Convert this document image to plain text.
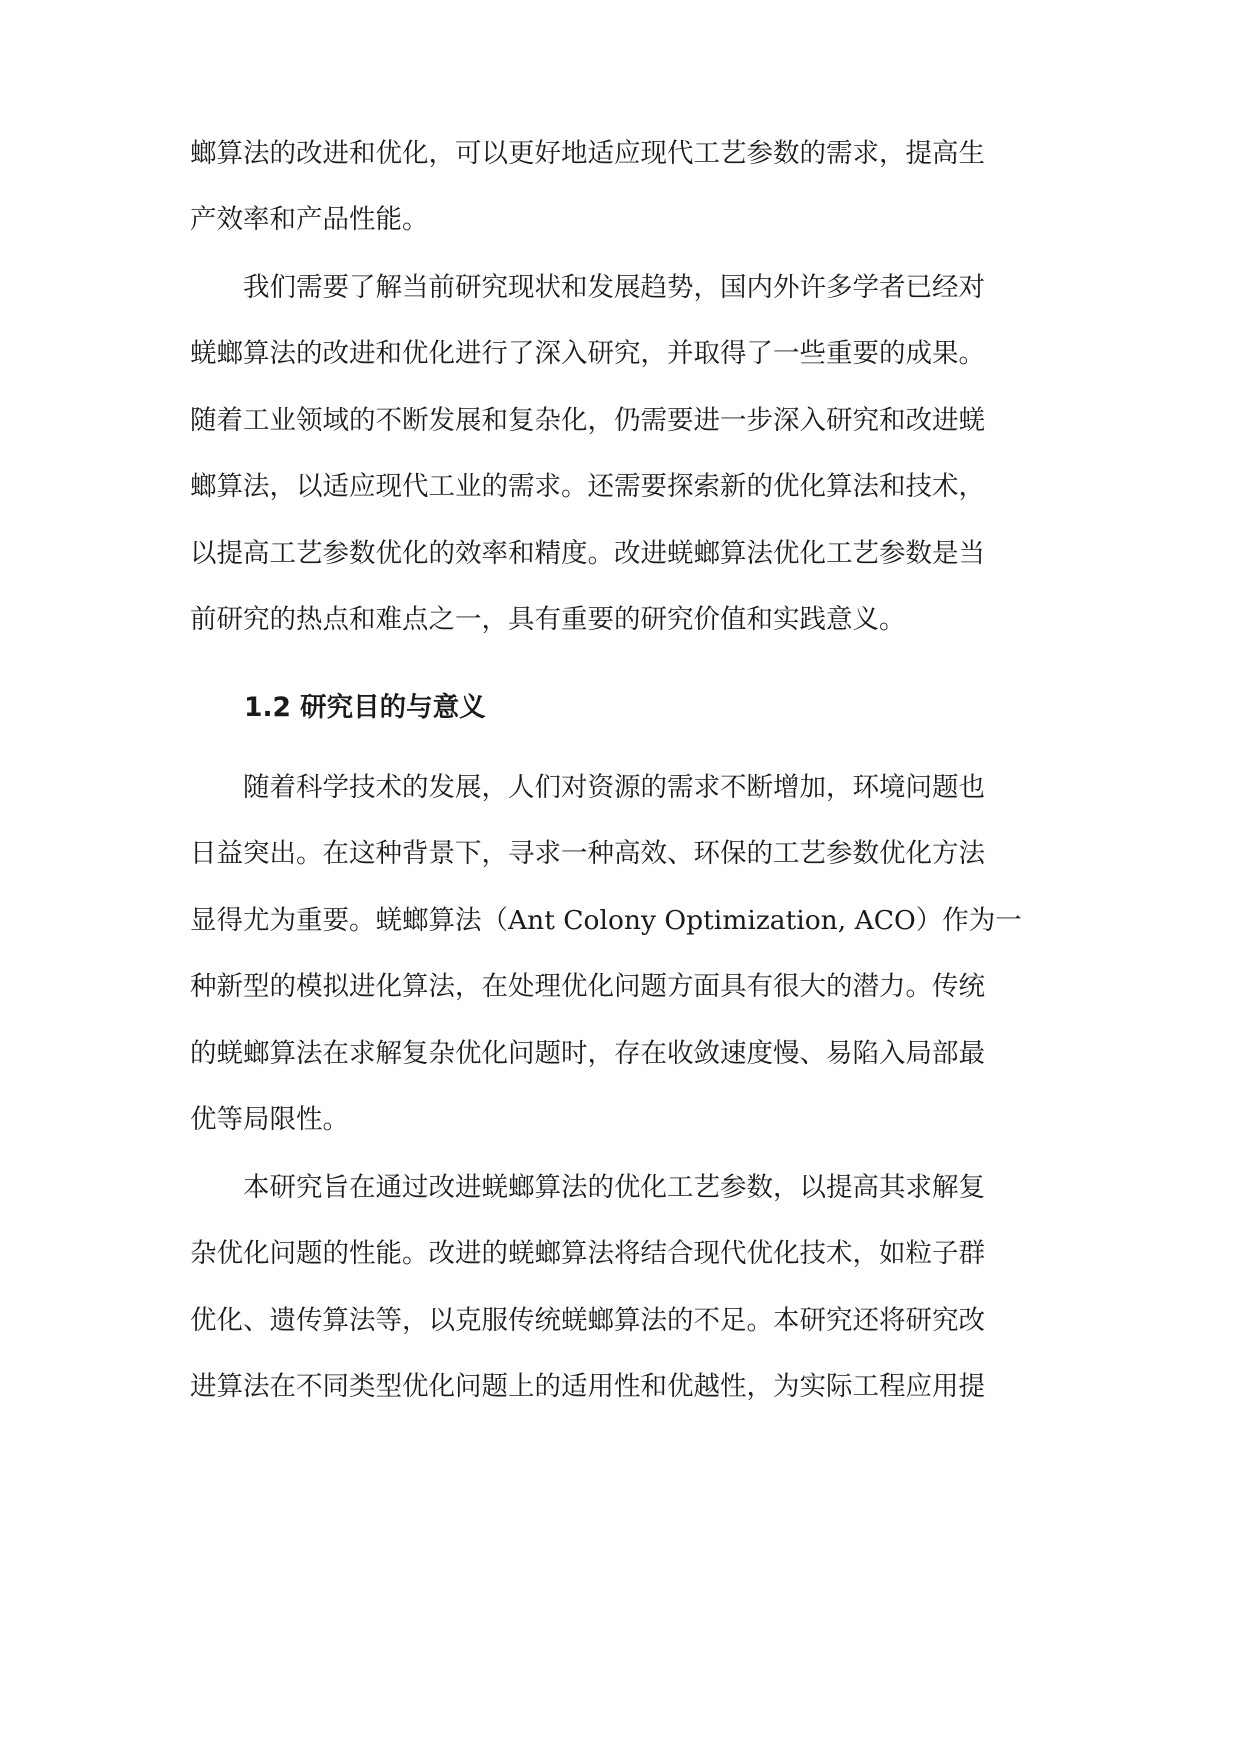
螂算法的改进和优化，可以更好地适应现代工艺参数的需求，提高生
产效率和产品性能。
　　我们需要了解当前研究现状和发展趋势，国内外许多学者已经对
蜣螂算法的改进和优化进行了深入研究，并取得了一些重要的成果。
随着工业领域的不断发展和复杂化，仍需要进一步深入研究和改进蜣
螂算法，以适应现代工业的需求。还需要探索新的优化算法和技术，
以提高工艺参数优化的效率和精度。改进蜣螂算法优化工艺参数是当
前研究的热点和难点之一，具有重要的研究价值和实践意义。
1.2 研究目的与意义
　　随着科学技术的发展，人们对资源的需求不断增加，环境问题也
日益突出。在这种背景下，寻求一种高效、环保的工艺参数优化方法
显得尤为重要。蜣螂算法（Ant Colony Optimization, ACO）作为一
种新型的模拟进化算法，在处理优化问题方面具有很大的潜力。传统
的蜣螂算法在求解复杂优化问题时，存在收敛速度慢、易陷入局部最
优等局限性。
　　本研究旨在通过改进蜣螂算法的优化工艺参数，以提高其求解复
杂优化问题的性能。改进的蜣螂算法将结合现代优化技术，如粒子群
优化、遗传算法等，以克服传统蜣螂算法的不足。本研究还将研究改
进算法在不同类型优化问题上的适用性和优越性，为实际工程应用提
